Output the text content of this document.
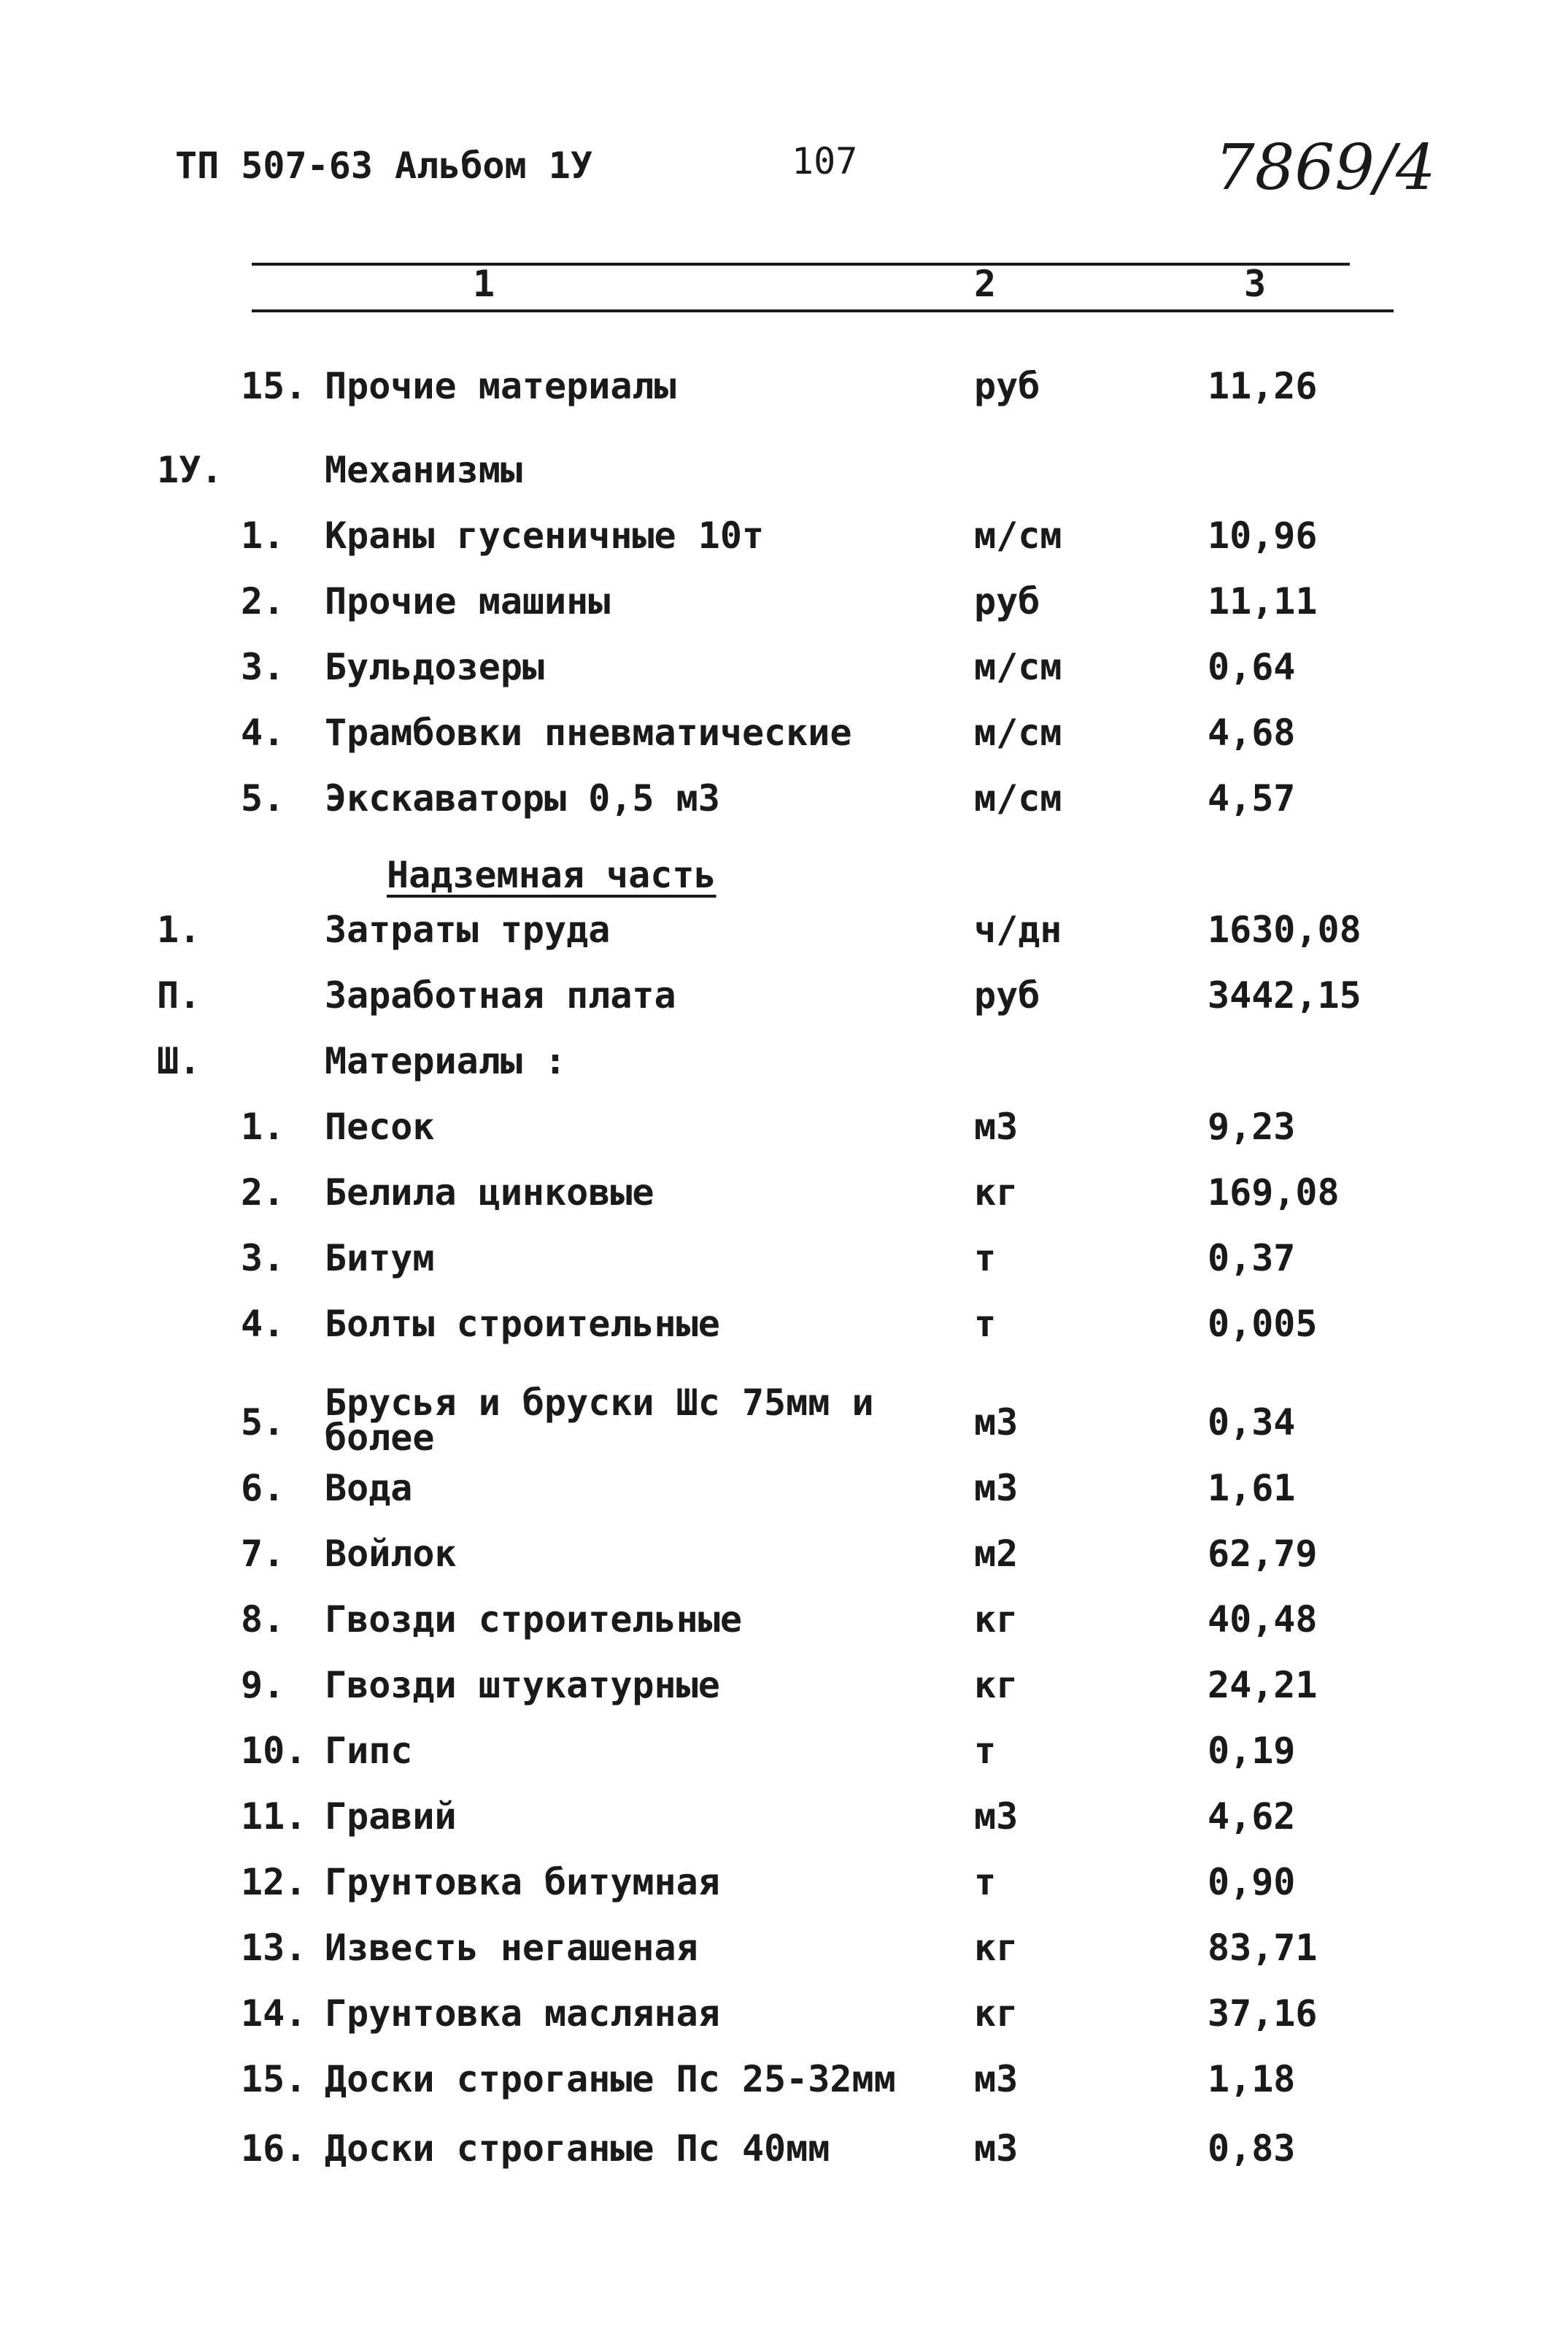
ТП 507-63 Альбом 1У	107	7869/4
1	2	3
Надземная часть
15. Прочие материалы	руб	11,26
1У.	Механизмы
1. Краны гусеничные 10т	м/см	10,96
2. Прочие машины	руб	11,11
3. Бульдозеры	м/см	0,64
4. Трамбовки пневматические	м/см	4,68
5. Экскаваторы 0,5 м3	м/см	4,57
1.	Затраты труда	ч/дн	1630,08
П.	Заработная плата	руб	3442,15
Ш.	Материалы :
1. Песок	м3	9,23
2. Белила цинковые	кг	169,08
3. Битум	т	0,37
4. Болты строительные	т	0,005
5. Брусья и бруски Шс 75мм и
более	м3	0,34
6. Вода	м3	1,61
7. Войлок	м2	62,79
8. Гвозди строительные	кг	40,48
9. Гвозди штукатурные	кг	24,21
10. Гипс	т	0,19
11. Гравий	м3	4,62
12. Грунтовка битумная	т	0,90
13. Известь негашеная	кг	83,71
14. Грунтовка масляная	кг	37,16
15. Доски строганые Пс 25-32мм м3	1,18
16. Доски строганые Пс 40мм	м3	0,83
